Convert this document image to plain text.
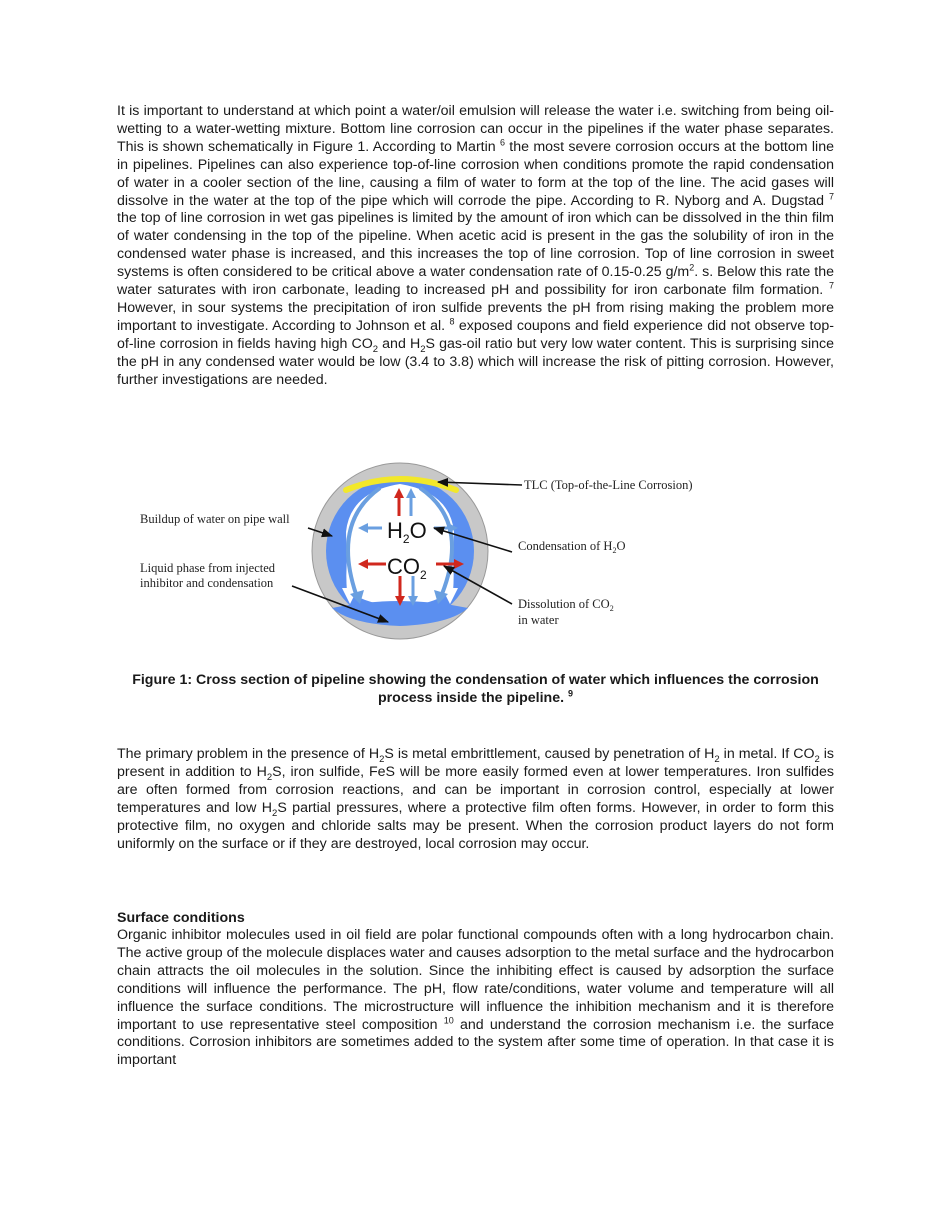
It is important to understand at which point a water/oil emulsion will release the water i.e. switching from being oil-wetting to a water-wetting mixture. Bottom line corrosion can occur in the pipelines if the water phase separates. This is shown schematically in Figure 1. According to Martin $^6$ the most severe corrosion occurs at the bottom line in pipelines. Pipelines can also experience top-of-line corrosion when conditions promote the rapid condensation of water in a cooler section of the line, causing a film of water to form at the top of the line. The acid gases will dissolve in the water at the top of the pipe which will corrode the pipe. According to R. Nyborg and A. Dugstad $^7$ the top of line corrosion in wet gas pipelines is limited by the amount of iron which can be dissolved in the thin film of water condensing in the top of the pipeline. When acetic acid is present in the gas the solubility of iron in the condensed water phase is increased, and this increases the top of line corrosion. Top of line corrosion in sweet systems is often considered to be critical above a water condensation rate of 0.15-0.25 $g/m^2$. s. Below this rate the water saturates with iron carbonate, leading to increased pH and possibility for iron carbonate film formation. $^7$ However, in sour systems the precipitation of iron sulfide prevents the pH from rising making the problem more important to investigate. According to Johnson et al. $^8$ exposed coupons and field experience did not observe top-of-line corrosion in fields having high $CO_2$ and $H_2S$ gas-oil ratio but very low water content. This is surprising since the pH in any condensed water would be low (3.4 to 3.8) which will increase the risk of pitting corrosion. However, further investigations are needed.

$H_2O$
$CO_2$
TLC (Top-of-the-Line Corrosion)
Buildup of water on pipe wall
Liquid phase from injected
inhibitor and condensation
Condensation of $H_2O$
Dissolution of $CO_2$
in water
Figure 1: Cross section of pipeline showing the condensation of water which influences the corrosion process inside the pipeline. $^9$

The primary problem in the presence of $H_2S$ is metal embrittlement, caused by penetration of $H_2$ in metal. If $CO_2$ is present in addition to $H_2S$, iron sulfide, FeS will be more easily formed even at lower temperatures. Iron sulfides are often formed from corrosion reactions, and can be important in corrosion control, especially at lower temperatures and low $H_2S$ partial pressures, where a protective film often forms. However, in order to form this protective film, no oxygen and chloride salts may be present. When the corrosion product layers do not form uniformly on the surface or if they are destroyed, local corrosion may occur.

Surface conditions

Organic inhibitor molecules used in oil field are polar functional compounds often with a long hydrocarbon chain. The active group of the molecule displaces water and causes adsorption to the metal surface and the hydrocarbon chain attracts the oil molecules in the solution. Since the inhibiting effect is caused by adsorption the surface conditions will influence the performance. The pH, flow rate/conditions, water volume and temperature will all influence the surface conditions. The microstructure will influence the inhibition mechanism and it is therefore important to use representative steel composition $^{10}$ and understand the corrosion mechanism i.e. the surface conditions. Corrosion inhibitors are sometimes added to the system after some time of operation. In that case it is important
